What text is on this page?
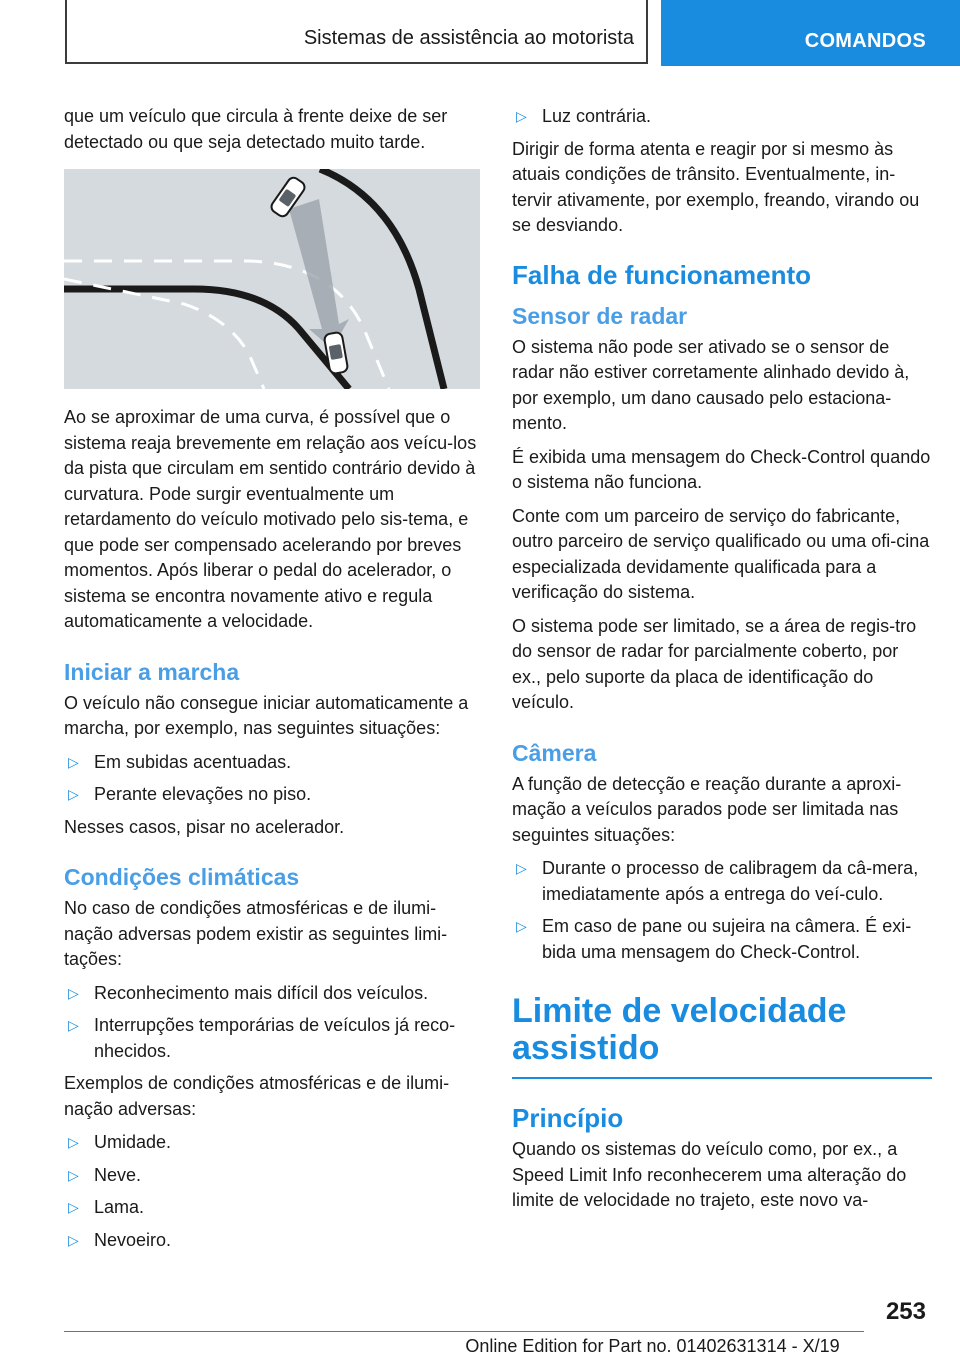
Sistemas de assistência ao motorista	COMANDOS

que um veículo que circula à frente deixe de ser detectado ou que seja detectado muito tarde.

Ao se aproximar de uma curva, é possível que o sistema reaja brevemente em relação aos veícu-los da pista que circulam em sentido contrário devido à curvatura. Pode surgir eventualmente um retardamento do veículo motivado pelo sis-tema, e que pode ser compensado acelerando por breves momentos. Após liberar o pedal do acelerador, o sistema se encontra novamente ativo e regula automaticamente a velocidade.

Iniciar a marcha

O veículo não consegue iniciar automaticamente a marcha, por exemplo, nas seguintes situações:

▷ Em subidas acentuadas.
▷ Perante elevações no piso.

Nesses casos, pisar no acelerador.

Condições climáticas

No caso de condições atmosféricas e de ilumi-nação adversas podem existir as seguintes limi-tações:

▷ Reconhecimento mais difícil dos veículos.
▷ Interrupções temporárias de veículos já reco-nhecidos.

Exemplos de condições atmosféricas e de ilumi-nação adversas:

▷ Umidade.
▷ Neve.
▷ Lama.
▷ Nevoeiro.
▷ Luz contrária.

Dirigir de forma atenta e reagir por si mesmo às atuais condições de trânsito. Eventualmente, in-tervir ativamente, por exemplo, freando, virando ou se desviando.

Falha de funcionamento
Sensor de radar

O sistema não pode ser ativado se o sensor de radar não estiver corretamente alinhado devido à, por exemplo, um dano causado pelo estaciona-mento.

É exibida uma mensagem do Check-Control quando o sistema não funciona.

Conte com um parceiro de serviço do fabricante, outro parceiro de serviço qualificado ou uma ofi-cina especializada devidamente qualificada para a verificação do sistema.

O sistema pode ser limitado, se a área de regis-tro do sensor de radar for parcialmente coberto, por ex., pelo suporte da placa de identificação do veículo.

Câmera

A função de detecção e reação durante a aproxi-mação a veículos parados pode ser limitada nas seguintes situações:

▷ Durante o processo de calibragem da câ-mera, imediatamente após a entrega do veí-culo.
▷ Em caso de pane ou sujeira na câmera. É exi-bida uma mensagem do Check-Control.
Limite de velocidade assistido
Princípio

Quando os sistemas do veículo como, por ex., a Speed Limit Info reconhecerem uma alteração do limite de velocidade no trajeto, este novo va-

253
Online Edition for Part no. 01402631314 - X/19
